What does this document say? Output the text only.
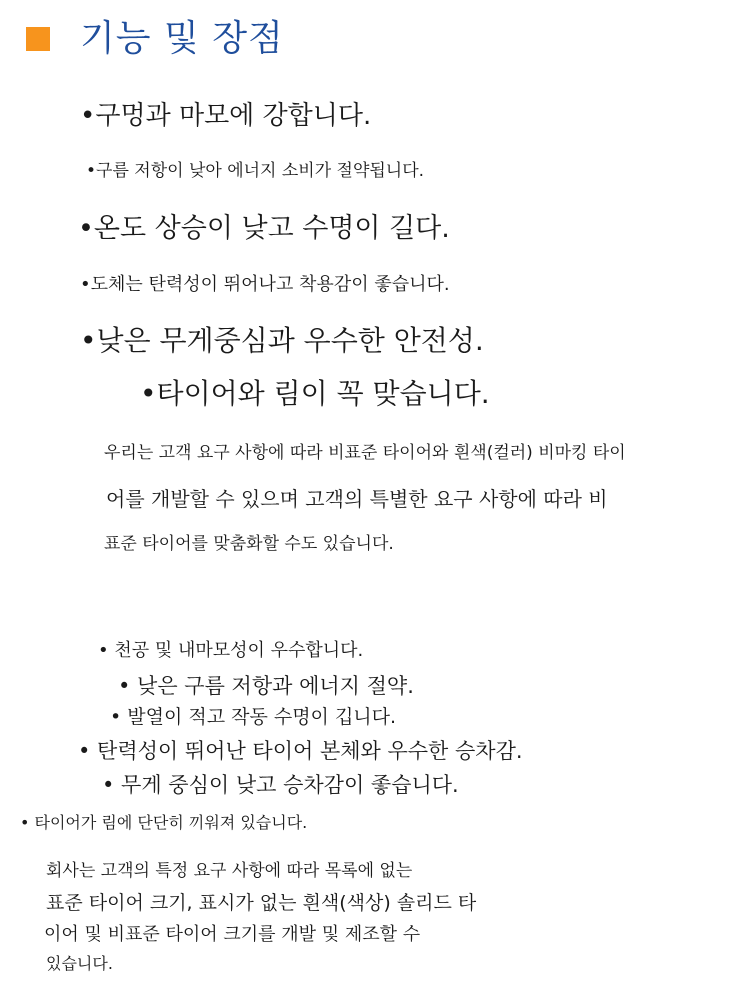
기능 및 장점
•구멍과 마모에 강합니다.
•구름 저항이 낮아 에너지 소비가 절약됩니다.
•온도 상승이 낮고 수명이 길다.
•도체는 탄력성이 뛰어나고 착용감이 좋습니다.
•낮은 무게중심과 우수한 안전성.
•타이어와 림이 꼭 맞습니다.
우리는 고객 요구 사항에 따라 비표준 타이어와 흰색(컬러) 비마킹 타이
어를 개발할 수 있으며 고객의 특별한 요구 사항에 따라 비
표준 타이어를 맞춤화할 수도 있습니다.
• 천공 및 내마모성이 우수합니다.
• 낮은 구름 저항과 에너지 절약.
• 발열이 적고 작동 수명이 깁니다.
• 탄력성이 뛰어난 타이어 본체와 우수한 승차감.
• 무게 중심이 낮고 승차감이 좋습니다.
• 타이어가 림에 단단히 끼워져 있습니다.
회사는 고객의 특정 요구 사항에 따라 목록에 없는
표준 타이어 크기, 표시가 없는 흰색(색상) 솔리드 타
이어 및 비표준 타이어 크기를 개발 및 제조할 수
있습니다.
